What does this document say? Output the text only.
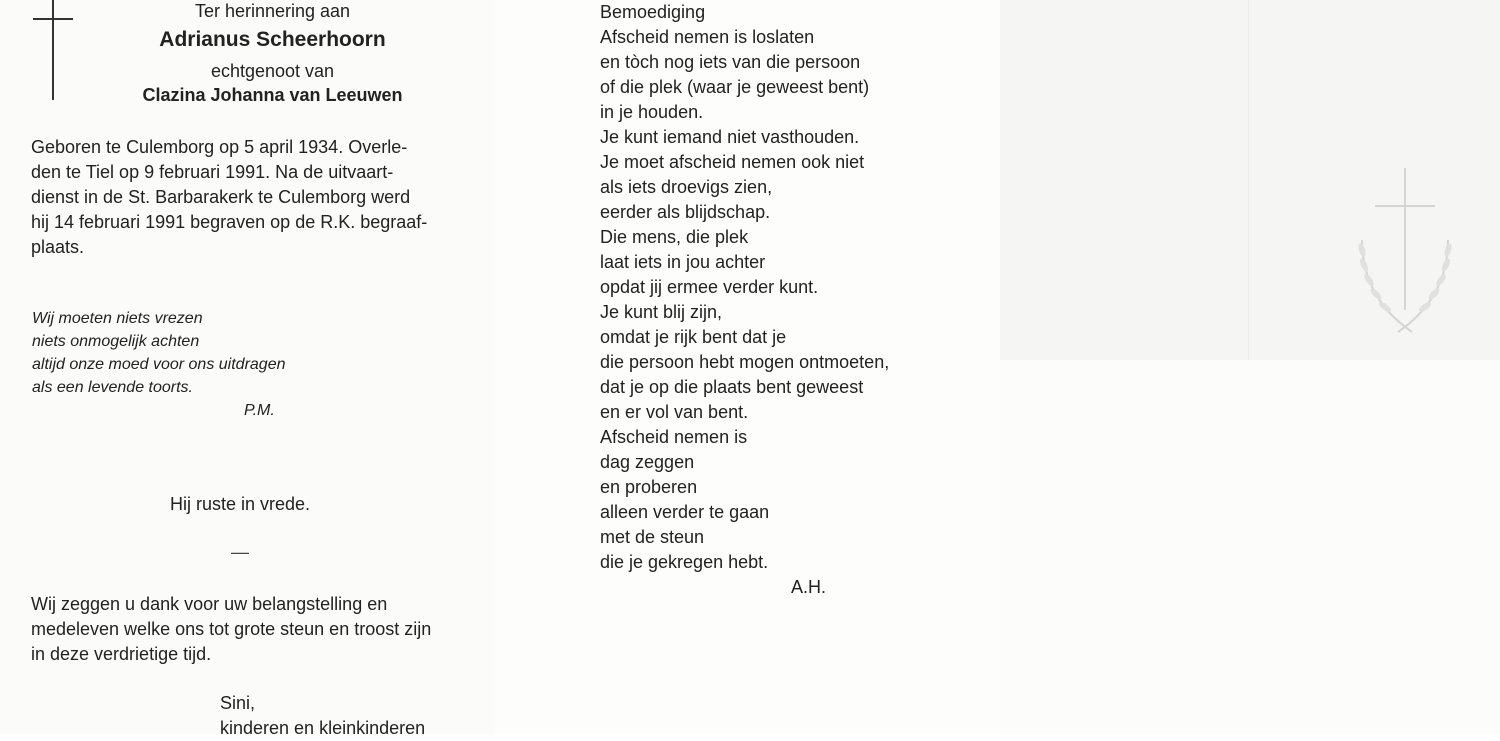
Ter herinnering aan
Adrianus Scheerhoorn
echtgenoot van
Clazina Johanna van Leeuwen
Geboren te Culemborg op 5 april 1934. Overle-
den te Tiel op 9 februari 1991. Na de uitvaart-
dienst in de St. Barbarakerk te Culemborg werd
hij 14 februari 1991 begraven op de R.K. begraaf-
plaats.
Wij moeten niets vrezen
niets onmogelijk achten
altijd onze moed voor ons uitdragen
als een levende toorts.
P.M.
Hij ruste in vrede.
—
Wij zeggen u dank voor uw belangstelling en
medeleven welke ons tot grote steun en troost zijn
in deze verdrietige tijd.
Sini,
kinderen en kleinkinderen
Bemoediging
Afscheid nemen is loslaten
en tòch nog iets van die persoon
of die plek (waar je geweest bent)
in je houden.
Je kunt iemand niet vasthouden.
Je moet afscheid nemen ook niet
als iets droevigs zien,
eerder als blijdschap.
Die mens, die plek
laat iets in jou achter
opdat jij ermee verder kunt.
Je kunt blij zijn,
omdat je rijk bent dat je
die persoon hebt mogen ontmoeten,
dat je op die plaats bent geweest
en er vol van bent.
Afscheid nemen is
dag zeggen
en proberen
alleen verder te gaan
met de steun
die je gekregen hebt.
A.H.
